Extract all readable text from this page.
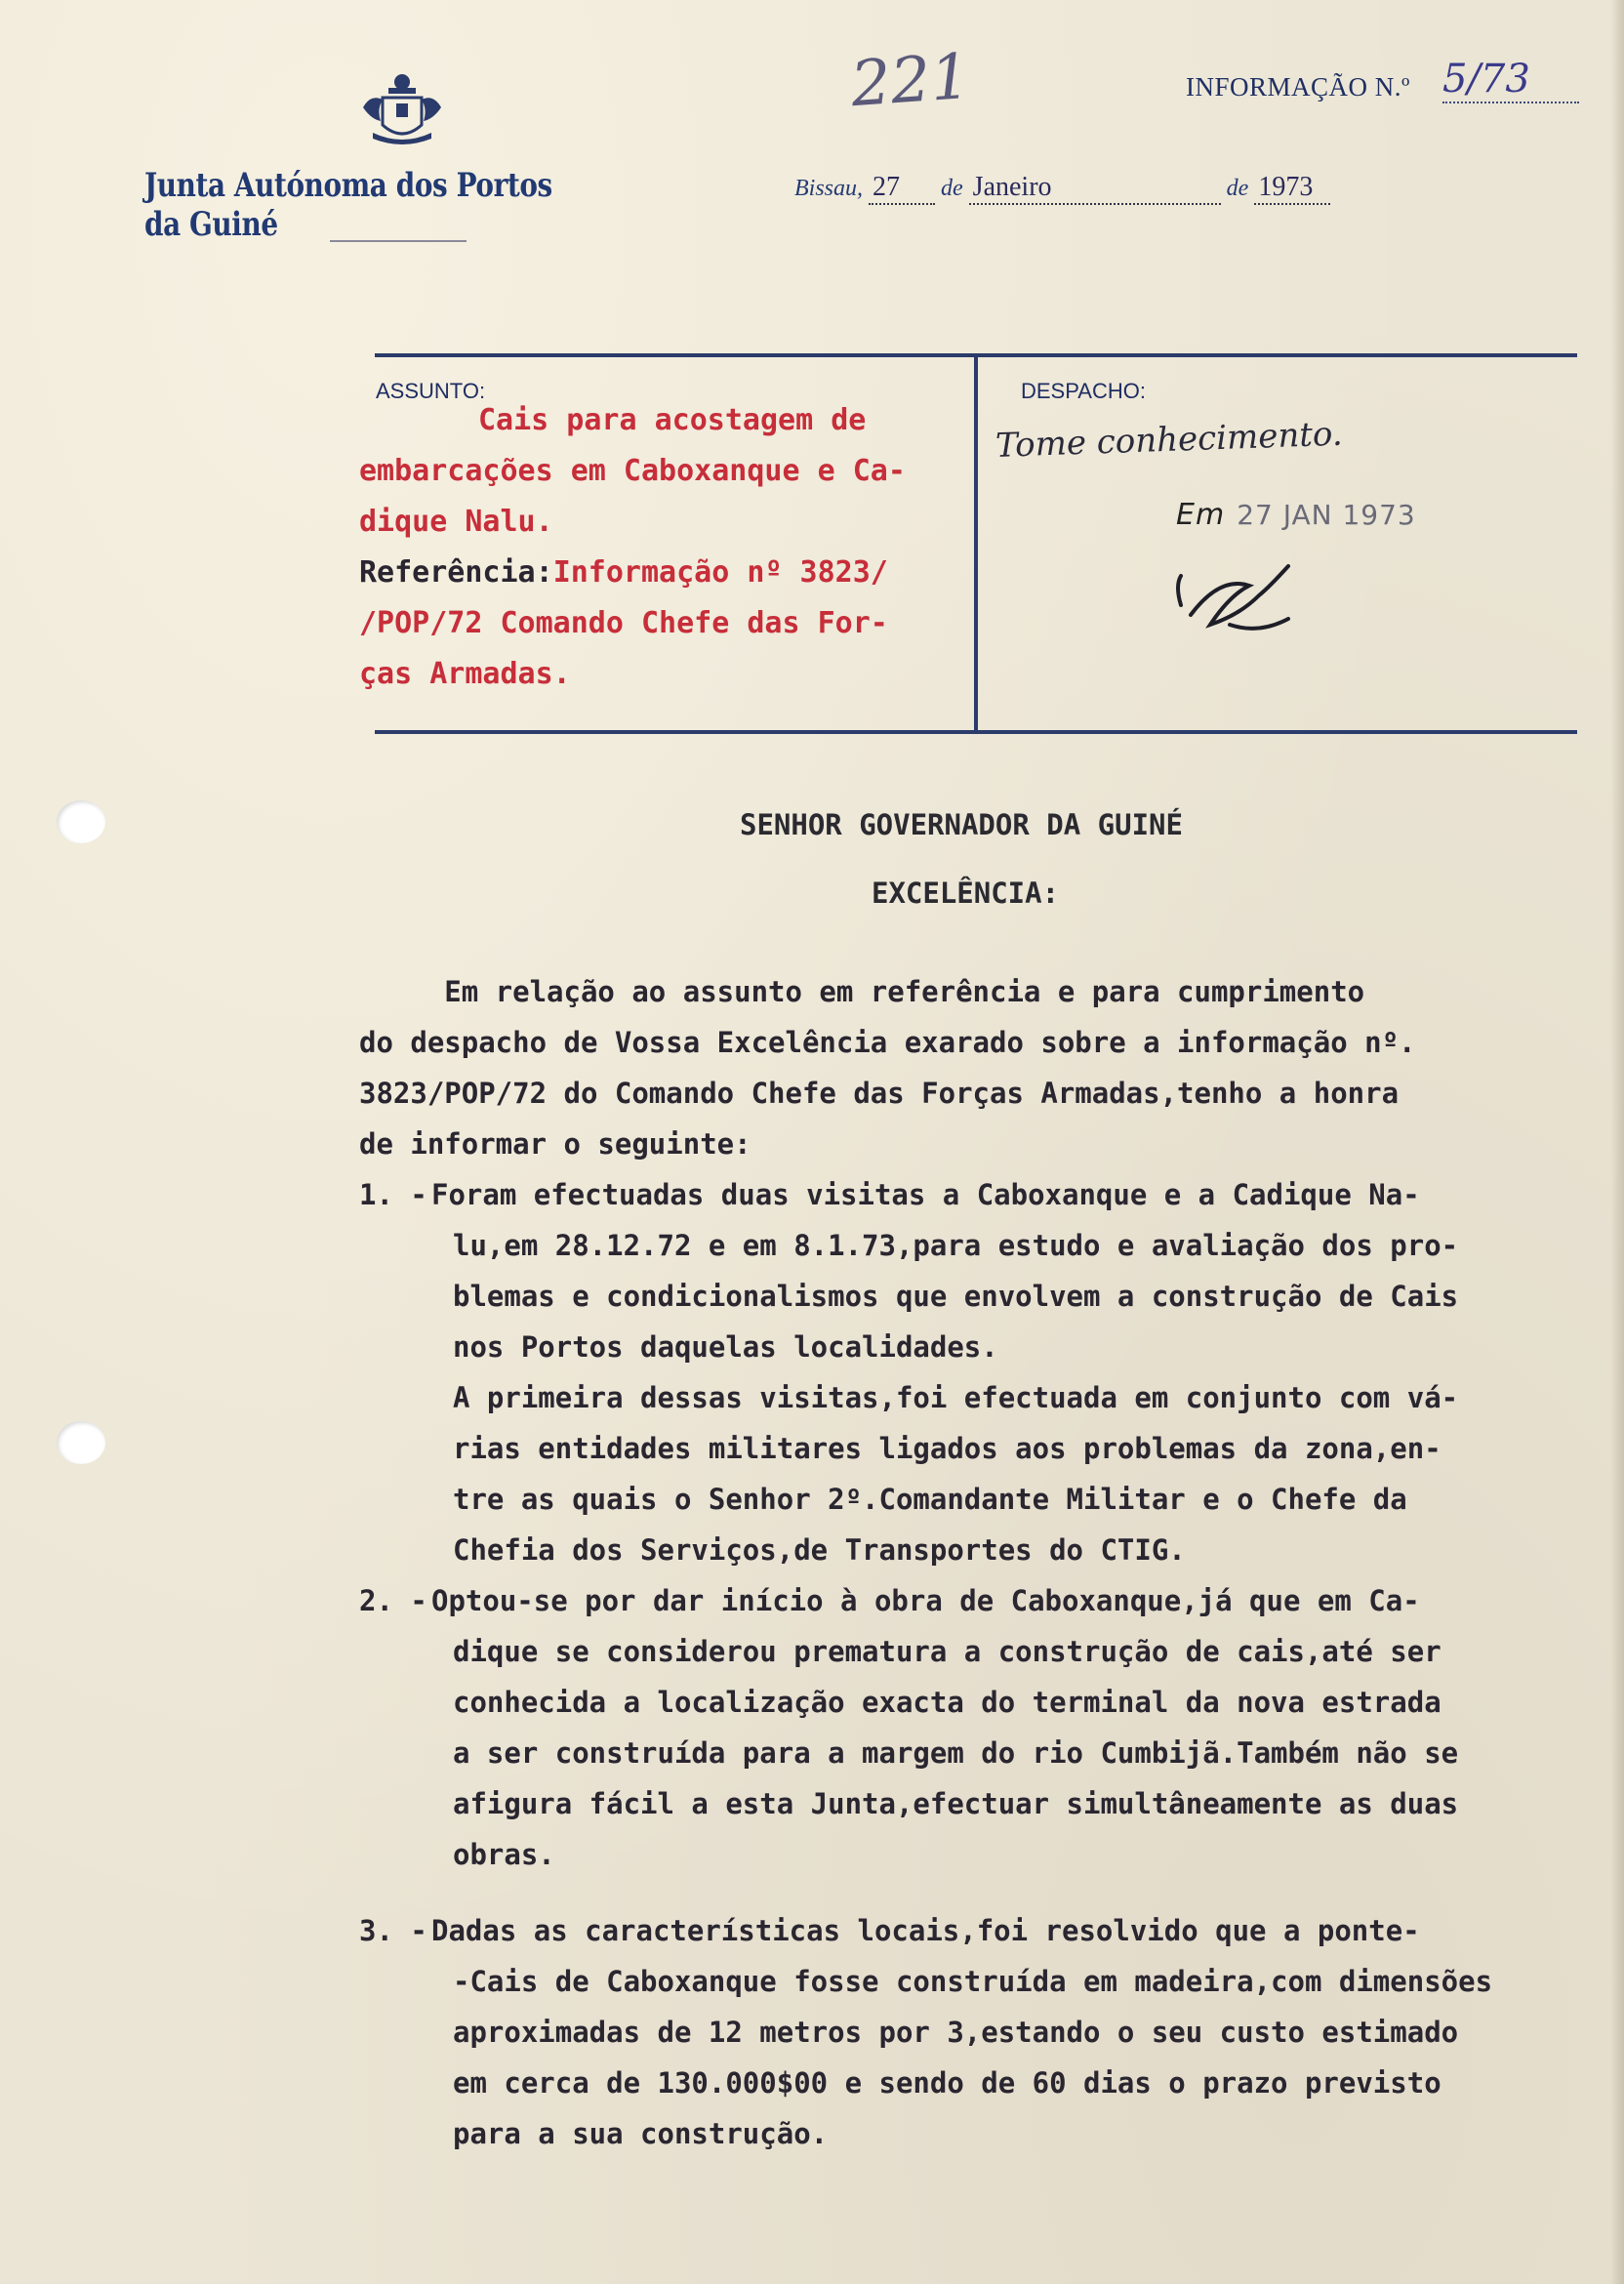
Junta Autónoma dos Portos da Guiné
221	INFORMAÇÃO N.º 5/73
Bissau, 27 de Janeiro	de 1973
ASSUNTO:	DESPACHO:
Cais para acostagem de
embarcações em Caboxanque e Ca-
dique Nalu.
Referência:Informação nº 3823/
/POP/72 Comando Chefe das For-
ças Armadas.
Tome conhecimento.
Em 27 JAN 1973
SENHOR GOVERNADOR DA GUINÉ
EXCELÊNCIA:
Em relação ao assunto em referência e para cumprimento
do despacho de Vossa Excelência exarado sobre a informação nº.
3823/POP/72 do Comando Chefe das Forças Armadas,tenho a honra
de informar o seguinte:
1. - Foram efectuadas duas visitas a Caboxanque e a Cadique Na-
lu,em 28.12.72 e em 8.1.73,para estudo e avaliação dos pro-
blemas e condicionalismos que envolvem a construção de Cais
nos Portos daquelas localidades.
A primeira dessas visitas,foi efectuada em conjunto com vá-
rias entidades militares ligados aos problemas da zona,en-
tre as quais o Senhor 2º.Comandante Militar e o Chefe da
Chefia dos Serviços,de Transportes do CTIG.
2. - Optou-se por dar início à obra de Caboxanque,já que em Ca-
dique se considerou prematura a construção de cais,até ser
conhecida a localização exacta do terminal da nova estrada
a ser construída para a margem do rio Cumbijã.Também não se
afigura fácil a esta Junta,efectuar simultâneamente as duas
obras.
3. - Dadas as características locais,foi resolvido que a ponte-
-Cais de Caboxanque fosse construída em madeira,com dimensões
aproximadas de 12 metros por 3,estando o seu custo estimado
em cerca de 130.000$00 e sendo de 60 dias o prazo previsto
para a sua construção.
